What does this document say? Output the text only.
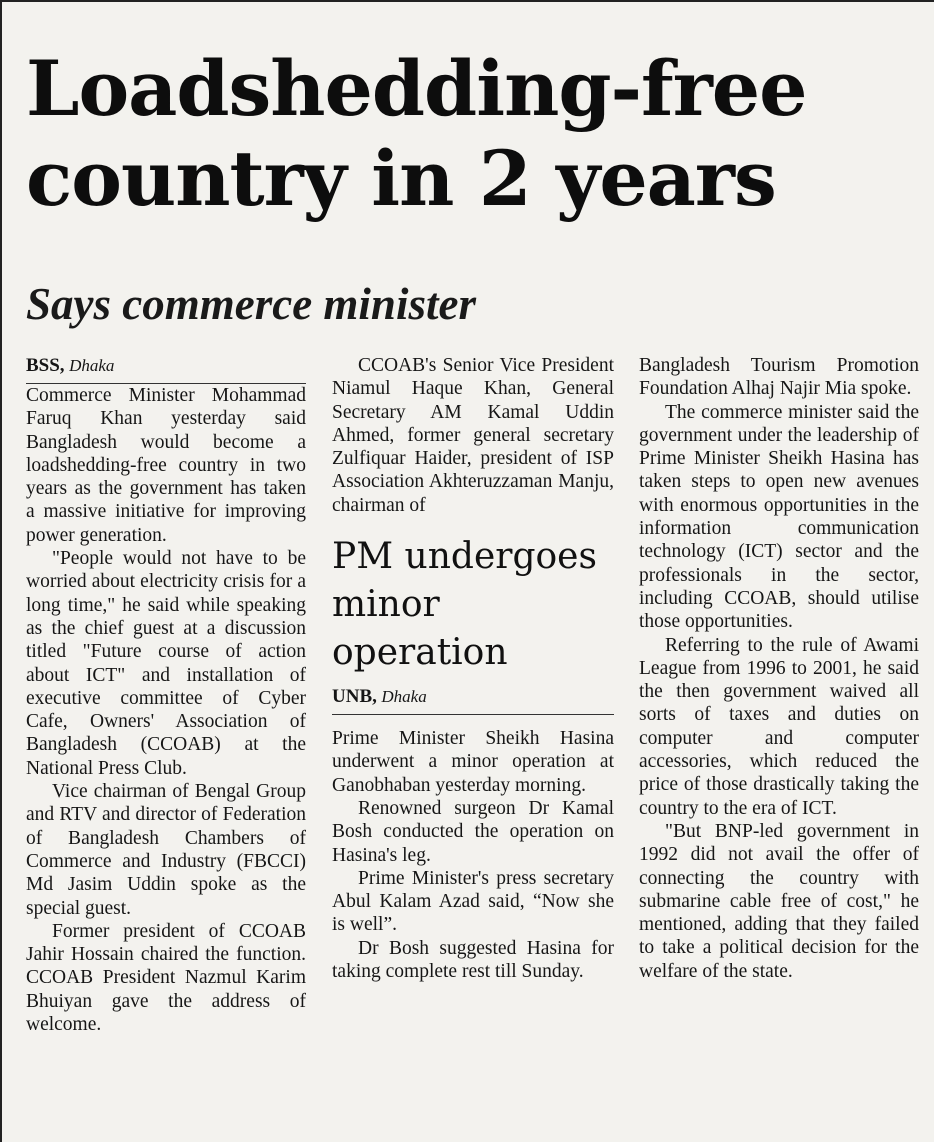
Loadshedding-free
country in 2 years
Says commerce minister

BSS, Dhaka

Commerce Minister Mohammad Faruq Khan yesterday said Bangladesh would become a loadshedding-free country in two years as the government has taken a massive initiative for improving power generation.

"People would not have to be worried about electricity crisis for a long time," he said while speaking as the chief guest at a discussion titled "Future course of action about ICT" and installation of executive committee of Cyber Cafe, Owners' Association of Bangladesh (CCOAB) at the National Press Club.

Vice chairman of Bengal Group and RTV and director of Federation of Bangladesh Chambers of Commerce and Industry (FBCCI) Md Jasim Uddin spoke as the special guest.

Former president of CCOAB Jahir Hossain chaired the function. CCOAB President Nazmul Karim Bhuiyan gave the address of welcome.

CCOAB's Senior Vice President Niamul Haque Khan, General Secretary AM Kamal Uddin Ahmed, former general secretary Zulfiquar Haider, president of ISP Association Akhteruzzaman Manju, chairman of

PM undergoes
minor
operation

UNB, Dhaka

Prime Minister Sheikh Hasina underwent a minor operation at Ganobhaban yesterday morning.

Renowned surgeon Dr Kamal Bosh conducted the operation on Hasina's leg.

Prime Minister's press secretary Abul Kalam Azad said, “Now she is well”.

Dr Bosh suggested Hasina for taking complete rest till Sunday.

Bangladesh Tourism Promotion Foundation Alhaj Najir Mia spoke.

The commerce minister said the government under the leadership of Prime Minister Sheikh Hasina has taken steps to open new avenues with enormous opportunities in the information communication technology (ICT) sector and the professionals in the sector, including CCOAB, should utilise those opportunities.

Referring to the rule of Awami League from 1996 to 2001, he said the then government waived all sorts of taxes and duties on computer and computer accessories, which reduced the price of those drastically taking the country to the era of ICT.

"But BNP-led government in 1992 did not avail the offer of connecting the country with submarine cable free of cost," he mentioned, adding that they failed to take a political decision for the welfare of the state.
